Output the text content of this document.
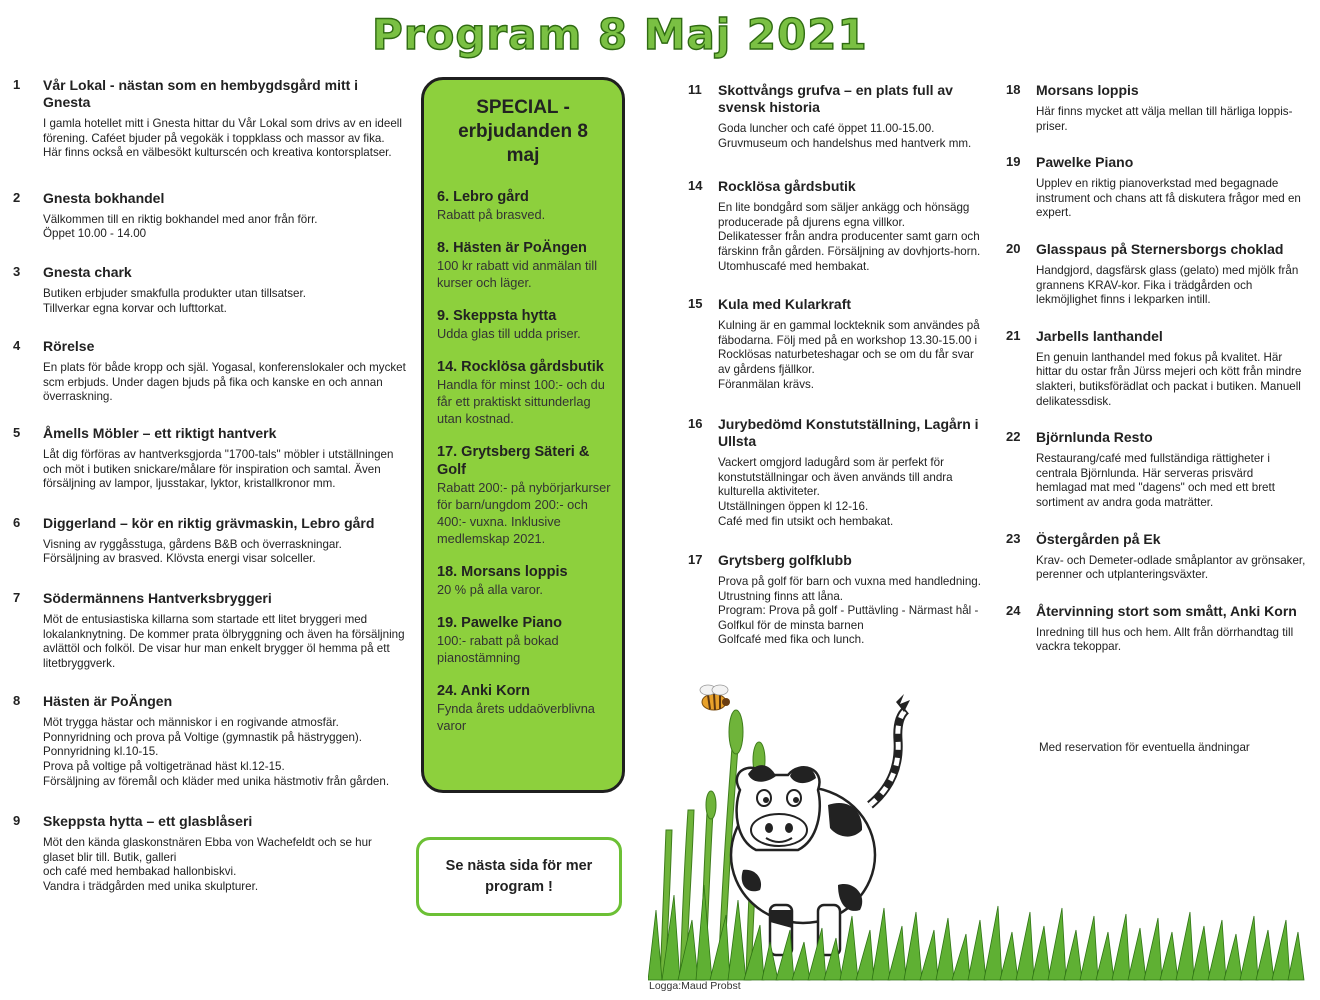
Program 8 Maj 2021
1 Vår Lokal - nästan som en hembygdsgård mitt i Gnesta

I gamla hotellet mitt i Gnesta hittar du Vår Lokal som drivs av en ideell förening. Caféet bjuder på vegokäk i toppklass och massor av fika. Här finns också en välbesökt kulturscén och kreativa kontorsplatser.

2 Gnesta bokhandel

Välkommen till en riktig bokhandel med anor från förr.
Öppet 10.00 - 14.00

3 Gnesta chark

Butiken erbjuder smakfulla produkter utan tillsatser.
Tillverkar egna korvar och lufttorkat.

4 Rörelse

En plats för både kropp och själ. Yogasal, konferenslokaler och mycket scm erbjuds. Under dagen bjuds på fika och kanske en och annan överraskning.

5 Åmells Möbler – ett riktigt hantverk

Låt dig förföras av hantverksgjorda "1700-tals" möbler i utställningen och möt i butiken snickare/målare för inspiration och samtal. Även försäljning av lampor, ljusstakar, lyktor, kristallkronor mm.

6 Diggerland – kör en riktig grävmaskin, Lebro gård

Visning av ryggåsstuga, gårdens B&B och överraskningar.
Försäljning av brasved. Klövsta energi visar solceller.

7 Södermännens Hantverksbryggeri

Möt de entusiastiska killarna som startade ett litet bryggeri med lokalanknytning. De kommer prata ölbryggning och även ha försäljning avlättöl och folköl. De visar hur man enkelt brygger öl hemma på ett litetbryggverk.

8 Hästen är PoÄngen

Möt trygga hästar och människor i en rogivande atmosfär.
Ponnyridning och prova på Voltige (gymnastik på hästryggen).
Ponnyridning kl.10-15.
Prova på voltige på voltigetränad häst kl.12-15.
Försäljning av föremål och kläder med unika hästmotiv från gården.

9 Skeppsta hytta – ett glasblåseri

Möt den kända glaskonstnären Ebba von Wachefeldt och se hur glaset blir till. Butik, galleri
och café med hembakad hallonbiskvi.
Vandra i trädgården med unika skulpturer.

SPECIAL - erbjudanden 8 maj
6. Lebro gård
Rabatt på brasved.
8. Hästen är PoÄngen
100 kr rabatt vid anmälan till kurser och läger.
9. Skeppsta hytta
Udda glas till udda priser.
14. Rocklösa gårdsbutik
Handla för minst 100:- och du får ett praktiskt sittunderlag utan kostnad.
17. Grytsberg Säteri & Golf
Rabatt 200:- på nybörjarkurser för barn/ungdom 200:- och 400:- vuxna. Inklusive medlemskap 2021.
18. Morsans loppis
20 % på alla varor.
19. Pawelke Piano
100:- rabatt på bokad pianostämning
24. Anki Korn
Fynda årets uddaöverblivna varor
Se nästa sida för mer program !
11 Skottvångs grufva – en plats full av svensk historia

Goda luncher och café öppet 11.00-15.00. Gruvmuseum och handelshus med hantverk mm.

14 Rocklösa gårdsbutik

En lite bondgård som säljer ankägg och hönsägg producerade på djurens egna villkor.
Delikatesser från andra producenter samt garn och färskinn från gården. Försäljning av dovhjorts-horn. Utomhuscafé med hembakat.

15 Kula med Kularkraft

Kulning är en gammal lockteknik som användes på fäbodarna. Följ med på en workshop 13.30-15.00 i Rocklösas naturbeteshagar och se om du får svar av gårdens fjällkor.
Föranmälan krävs.

16 Jurybedömd Konstutställning, Lagårn i Ullsta

Vackert omgjord ladugård som är perfekt för konstutställningar och även används till andra kulturella aktiviteter.
Utställningen öppen kl 12-16.
Café med fin utsikt och hembakat.

17 Grytsberg golfklubb

Prova på golf för barn och vuxna med handledning. Utrustning finns att låna.
Program: Prova på golf - Puttävling - Närmast hål - Golfkul för de minsta barnen
Golfcafé med fika och lunch.

18 Morsans loppis

Här finns mycket att välja mellan till härliga loppis-priser.

19 Pawelke Piano

Upplev en riktig pianoverkstad med begagnade instrument och chans att få diskutera frågor med en expert.

20 Glasspaus på Sternersborgs choklad

Handgjord, dagsfärsk glass (gelato) med mjölk från grannens KRAV-kor. Fika i trädgården och lekmöjlighet finns i lekparken intill.

21 Jarbells lanthandel

En genuin lanthandel med fokus på kvalitet. Här hittar du ostar från Jürss mejeri och kött från mindre slakteri, butiksförädlat och packat i butiken. Manuell delikatessdisk.

22 Björnlunda Resto

Restaurang/café med fullständiga rättigheter i centrala Björnlunda. Här serveras prisvärd hemlagad mat med "dagens" och med ett brett sortiment av andra goda maträtter.

23 Östergården på Ek

Krav- och Demeter-odlade småplantor av grönsaker, perenner och utplanteringsväxter.

24 Återvinning stort som smått, Anki Korn

Inredning till hus och hem. Allt från dörrhandtag till vackra tekoppar.

Med reservation för eventuella ändningar
Logga:Maud Probst
